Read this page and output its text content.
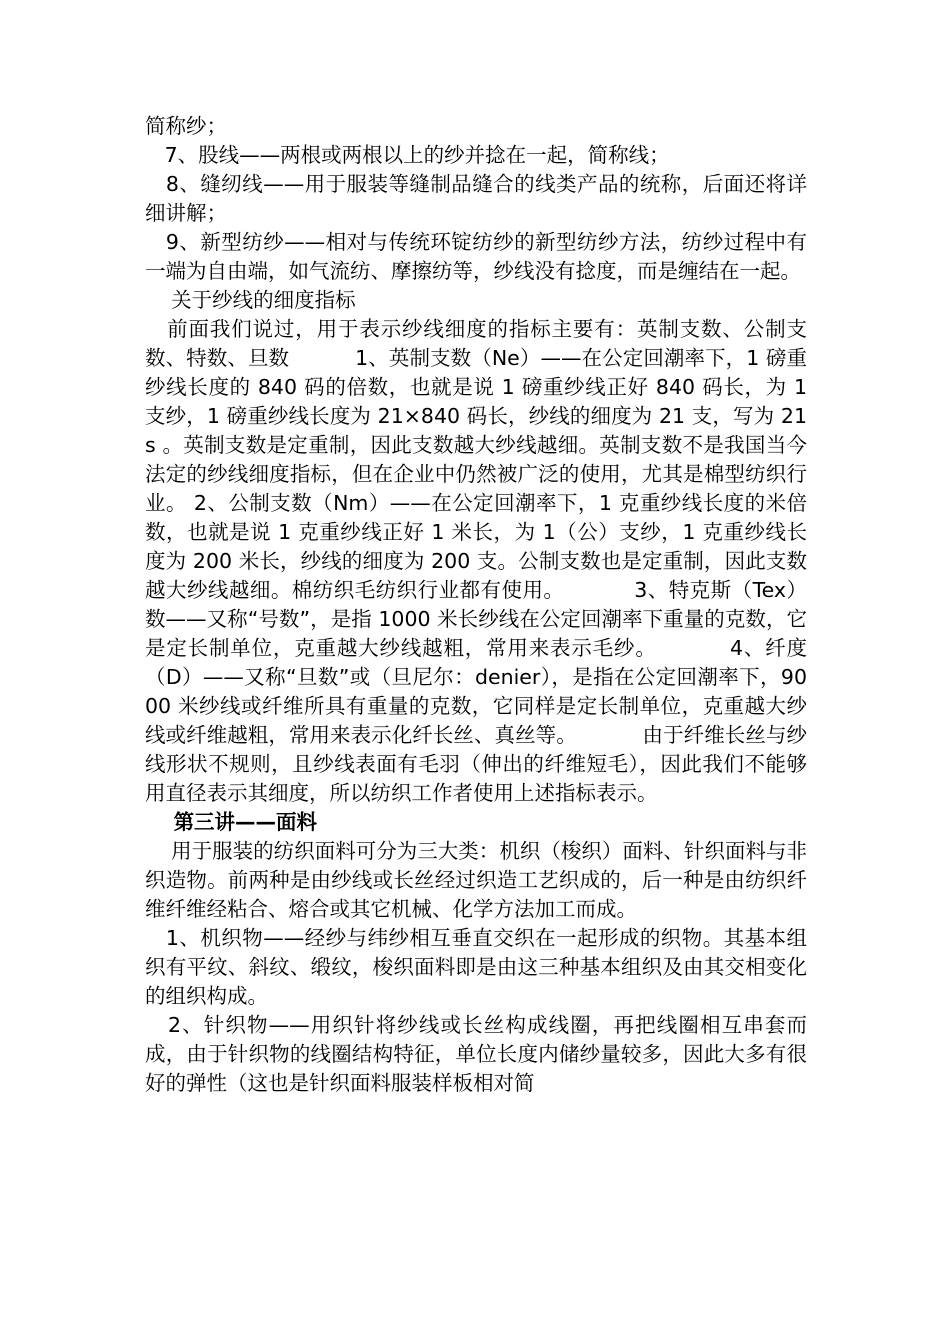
简称纱；

7、股线——两根或两根以上的纱并捻在一起，简称线；

8、缝纫线——用于服装等缝制品缝合的线类产品的统称，后面还将详细讲解；

9、新型纺纱——相对与传统环锭纺纱的新型纺纱方法，纺纱过程中有一端为自由端，如气流纺、摩擦纺等，纱线没有捻度，而是缠结在一起。

关于纱线的细度指标

前面我们说过，用于表示纱线细度的指标主要有：英制支数、公制支数、特数、旦数          1、英制支数（Ne）——在公定回潮率下，1 磅重纱线长度的 840 码的倍数，也就是说 1 磅重纱线正好 840 码长，为 1 支纱，1 磅重纱线长度为 21×840 码长，纱线的细度为 21 支，写为 21s 。英制支数是定重制，因此支数越大纱线越细。英制支数不是我国当今法定的纱线细度指标，但在企业中仍然被广泛的使用，尤其是棉型纺织行业。 2、公制支数（Nm）——在公定回潮率下，1 克重纱线长度的米倍数，也就是说 1 克重纱线正好 1 米长，为 1（公）支纱，1 克重纱线长度为 200 米长，纱线的细度为 200 支。公制支数也是定重制，因此支数越大纱线越细。棉纺织毛纺织行业都有使用。          3、特克斯（Tex）数——又称“号数”，是指 1000 米长纱线在公定回潮率下重量的克数，它是定长制单位，克重越大纱线越粗，常用来表示毛纱。          4、纤度（D）——又称“旦数”或（旦尼尔：denier），是指在公定回潮率下，9000 米纱线或纤维所具有重量的克数，它同样是定长制单位，克重越大纱线或纤维越粗，常用来表示化纤长丝、真丝等。          由于纤维长丝与纱线形状不规则，且纱线表面有毛羽（伸出的纤维短毛），因此我们不能够用直径表示其细度，所以纺织工作者使用上述指标表示。

第三讲——面料

用于服装的纺织面料可分为三大类：机织（梭织）面料、针织面料与非织造物。前两种是由纱线或长丝经过织造工艺织成的，后一种是由纺织纤维纤维经粘合、熔合或其它机械、化学方法加工而成。

1、机织物——经纱与纬纱相互垂直交织在一起形成的织物。其基本组织有平纹、斜纹、缎纹，梭织面料即是由这三种基本组织及由其交相变化的组织构成。

2、针织物——用织针将纱线或长丝构成线圈，再把线圈相互串套而成，由于针织物的线圈结构特征，单位长度内储纱量较多，因此大多有很好的弹性（这也是针织面料服装样板相对简
